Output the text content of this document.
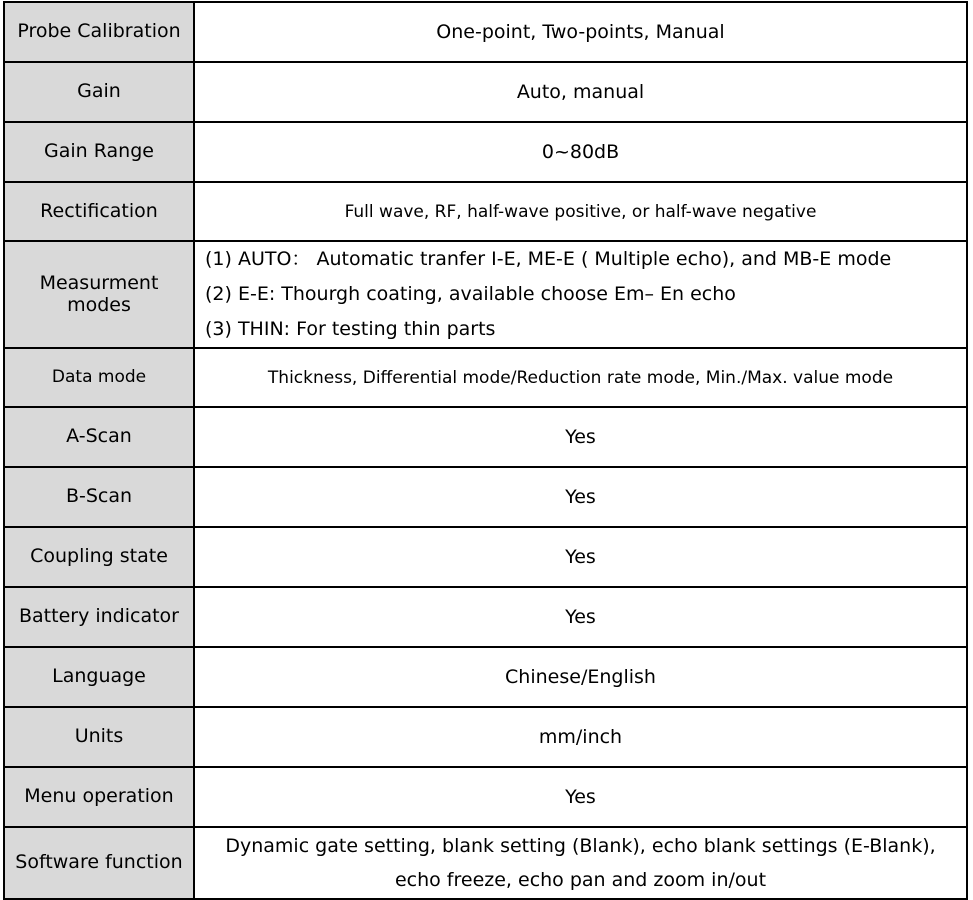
Probe Calibration	One-point, Two-points, Manual
Gain	Auto, manual
Gain Range	0~80dB
Rectification	Full wave, RF, half-wave positive, or half-wave negative

Measurment
modes	(1) AUTO： Automatic tranfer I-E, ME-E ( Multiple echo), and MB-E mode
(2) E-E: Thourgh coating, available choose Em– En echo
(3) THIN: For testing thin parts

Data mode	Thickness, Differential mode/Reduction rate mode, Min./Max. value mode
A-Scan	Yes
B-Scan	Yes
Coupling state	Yes
Battery indicator	Yes
Language	Chinese/English
Units	mm/inch
Menu operation	Yes
Software function	Dynamic gate setting, blank setting (Blank), echo blank settings (E-Blank),
echo freeze, echo pan and zoom in/out
